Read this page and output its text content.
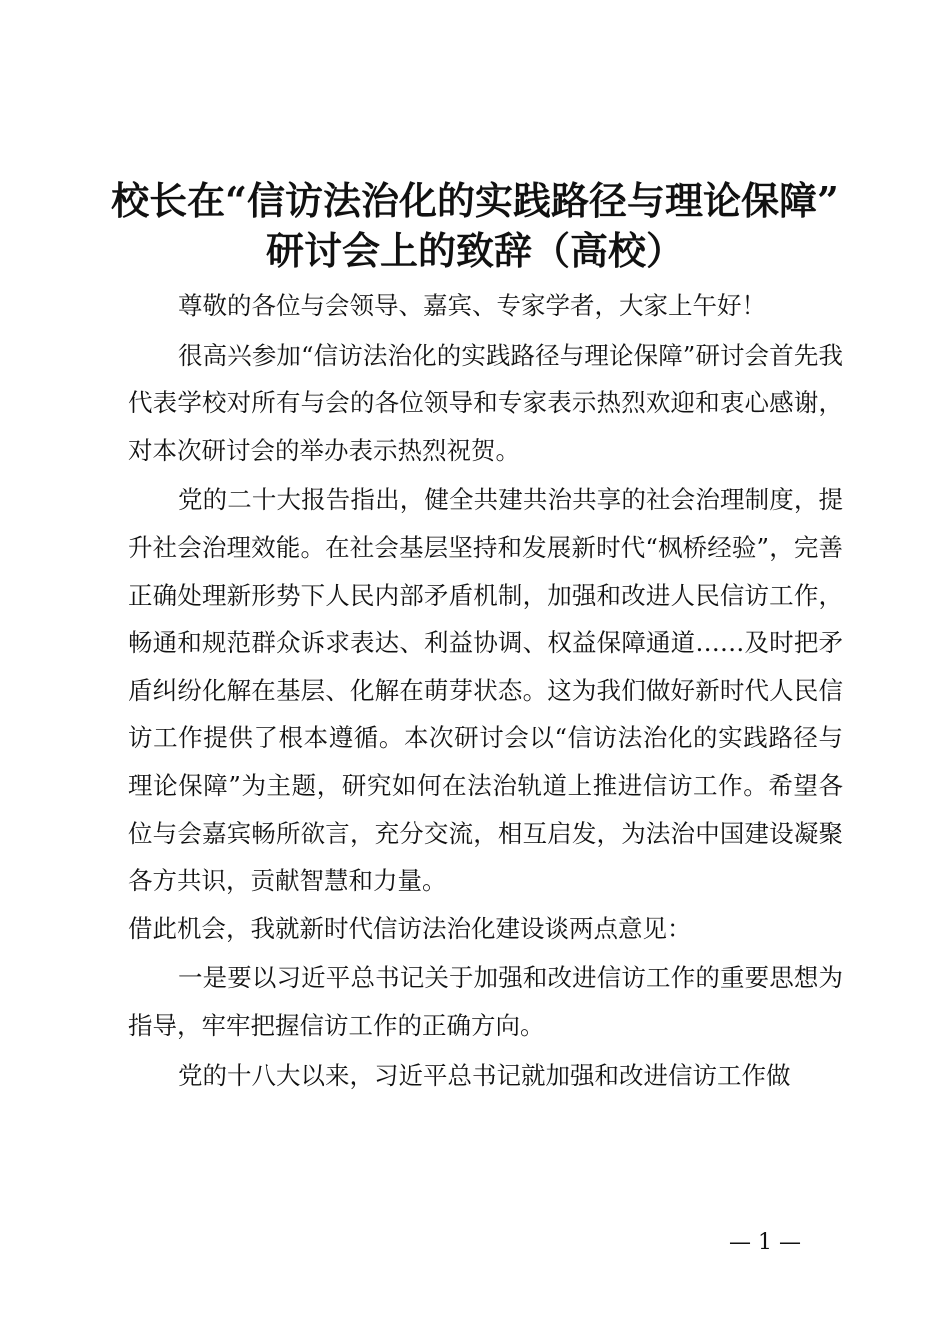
校长在“信访法治化的实践路径与理论保障”
研讨会上的致辞（高校）

尊敬的各位与会领导、嘉宾、专家学者，大家上午好！

很高兴参加“信访法治化的实践路径与理论保障”研讨会首先我代表学校对所有与会的各位领导和专家表示热烈欢迎和衷心感谢，对本次研讨会的举办表示热烈祝贺。

党的二十大报告指出，健全共建共治共享的社会治理制度，提升社会治理效能。在社会基层坚持和发展新时代“枫桥经验”，完善正确处理新形势下人民内部矛盾机制，加强和改进人民信访工作，畅通和规范群众诉求表达、利益协调、权益保障通道……及时把矛盾纠纷化解在基层、化解在萌芽状态。这为我们做好新时代人民信访工作提供了根本遵循。本次研讨会以“信访法治化的实践路径与理论保障”为主题，研究如何在法治轨道上推进信访工作。希望各位与会嘉宾畅所欲言，充分交流，相互启发，为法治中国建设凝聚各方共识，贡献智慧和力量。

借此机会，我就新时代信访法治化建设谈两点意见：

一是要以习近平总书记关于加强和改进信访工作的重要思想为指导，牢牢把握信访工作的正确方向。

党的十八大以来，习近平总书记就加强和改进信访工作做

— 1 —
